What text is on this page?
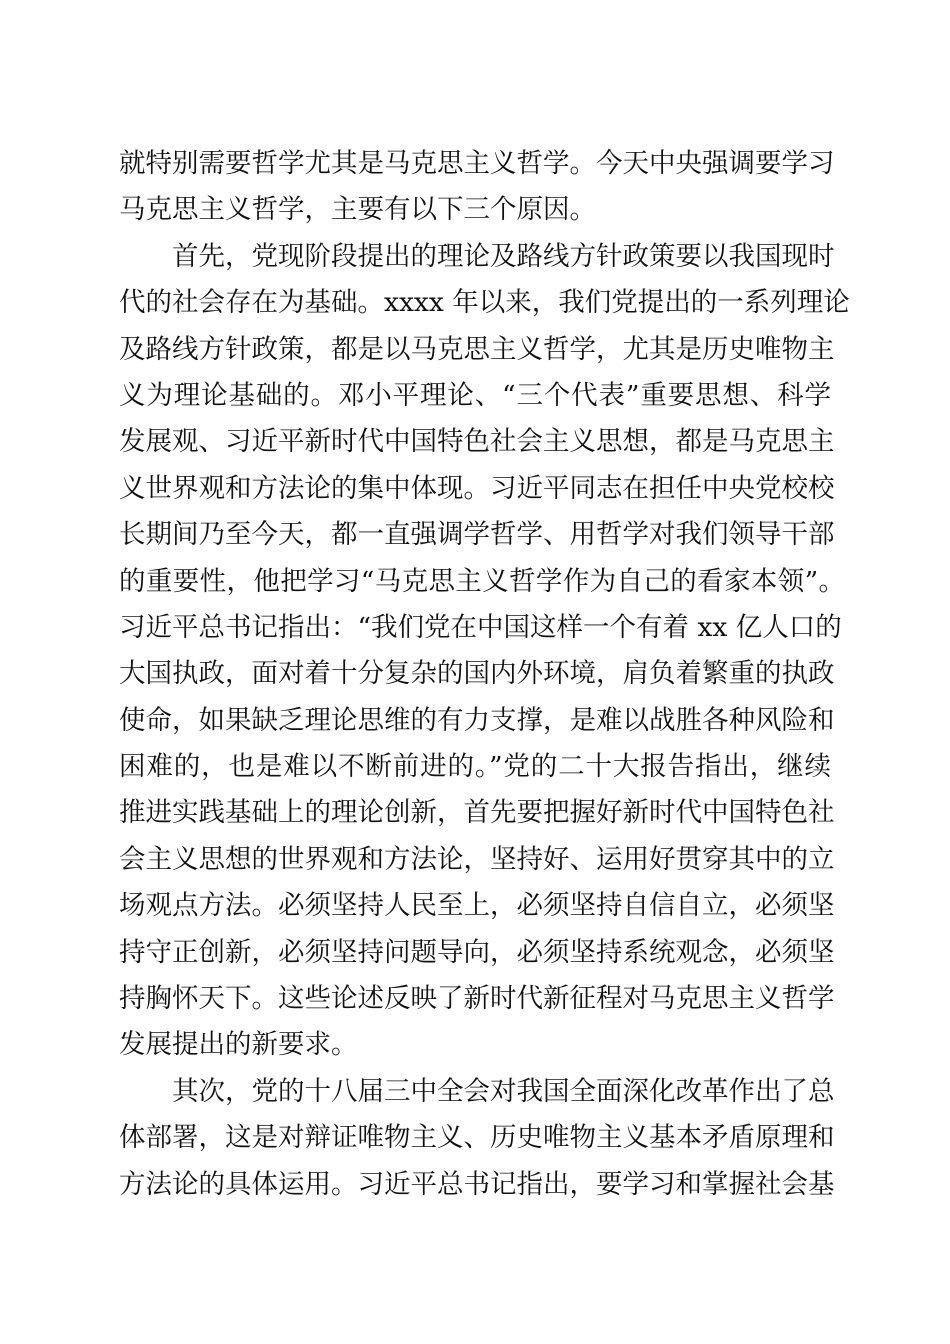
就特别需要哲学尤其是马克思主义哲学。今天中央强调要学习
马克思主义哲学，主要有以下三个原因。
首先，党现阶段提出的理论及路线方针政策要以我国现时
代的社会存在为基础。xxxx 年以来，我们党提出的一系列理论
及路线方针政策，都是以马克思主义哲学，尤其是历史唯物主
义为理论基础的。邓小平理论、“三个代表”重要思想、科学
发展观、习近平新时代中国特色社会主义思想，都是马克思主
义世界观和方法论的集中体现。习近平同志在担任中央党校校
长期间乃至今天，都一直强调学哲学、用哲学对我们领导干部
的重要性，他把学习“马克思主义哲学作为自己的看家本领”。
习近平总书记指出：“我们党在中国这样一个有着 xx 亿人口的
大国执政，面对着十分复杂的国内外环境，肩负着繁重的执政
使命，如果缺乏理论思维的有力支撑，是难以战胜各种风险和
困难的，也是难以不断前进的。”党的二十大报告指出，继续
推进实践基础上的理论创新，首先要把握好新时代中国特色社
会主义思想的世界观和方法论，坚持好、运用好贯穿其中的立
场观点方法。必须坚持人民至上，必须坚持自信自立，必须坚
持守正创新，必须坚持问题导向，必须坚持系统观念，必须坚
持胸怀天下。这些论述反映了新时代新征程对马克思主义哲学
发展提出的新要求。
其次，党的十八届三中全会对我国全面深化改革作出了总
体部署，这是对辩证唯物主义、历史唯物主义基本矛盾原理和
方法论的具体运用。习近平总书记指出，要学习和掌握社会基
